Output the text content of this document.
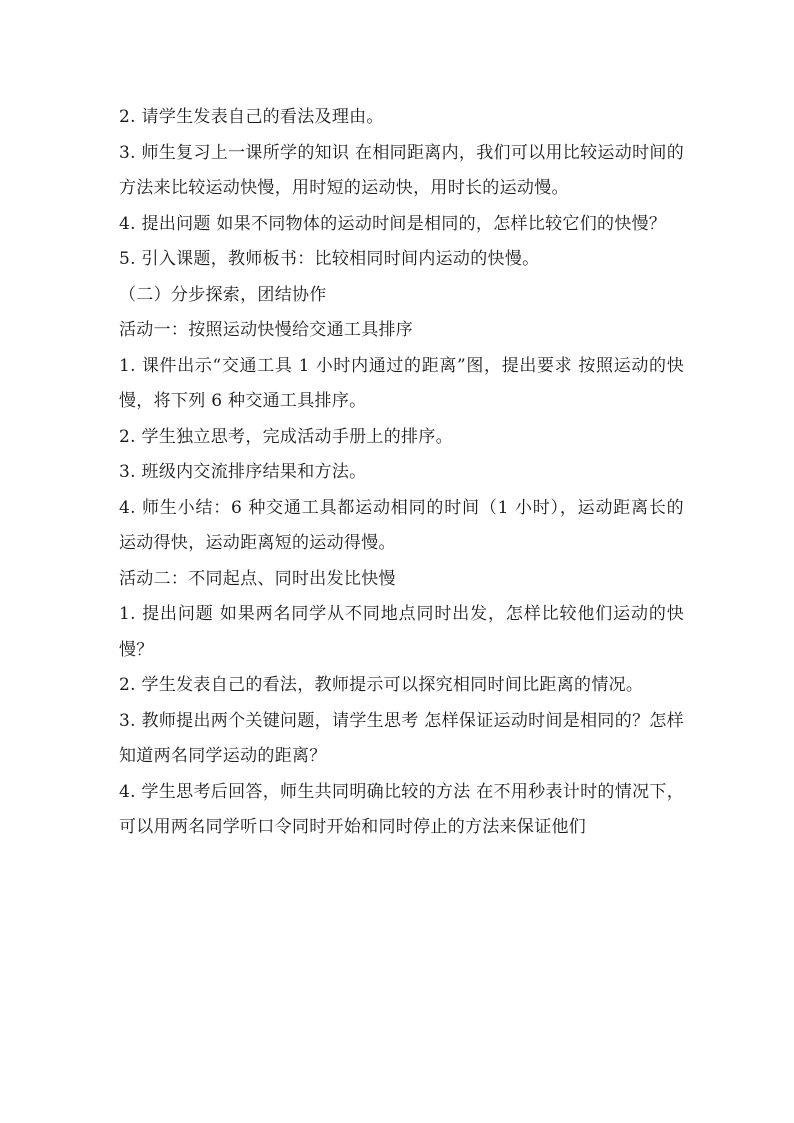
2. 请学生发表自己的看法及理由。

3. 师生复习上一课所学的知识 在相同距离内，我们可以用比较运动时间的方法来比较运动快慢，用时短的运动快，用时长的运动慢。

4. 提出问题 如果不同物体的运动时间是相同的，怎样比较它们的快慢？

5. 引入课题，教师板书：比较相同时间内运动的快慢。

（二）分步探索，团结协作

活动一：按照运动快慢给交通工具排序

1. 课件出示“交通工具 1 小时内通过的距离”图，提出要求 按照运动的快慢，将下列 6 种交通工具排序。

2. 学生独立思考，完成活动手册上的排序。

3. 班级内交流排序结果和方法。

4. 师生小结：6 种交通工具都运动相同的时间（1 小时），运动距离长的运动得快，运动距离短的运动得慢。

活动二：不同起点、同时出发比快慢

1. 提出问题 如果两名同学从不同地点同时出发，怎样比较他们运动的快慢？

2. 学生发表自己的看法，教师提示可以探究相同时间比距离的情况。

3. 教师提出两个关键问题，请学生思考 怎样保证运动时间是相同的？怎样知道两名同学运动的距离？

4. 学生思考后回答，师生共同明确比较的方法 在不用秒表计时的情况下，可以用两名同学听口令同时开始和同时停止的方法来保证他们
